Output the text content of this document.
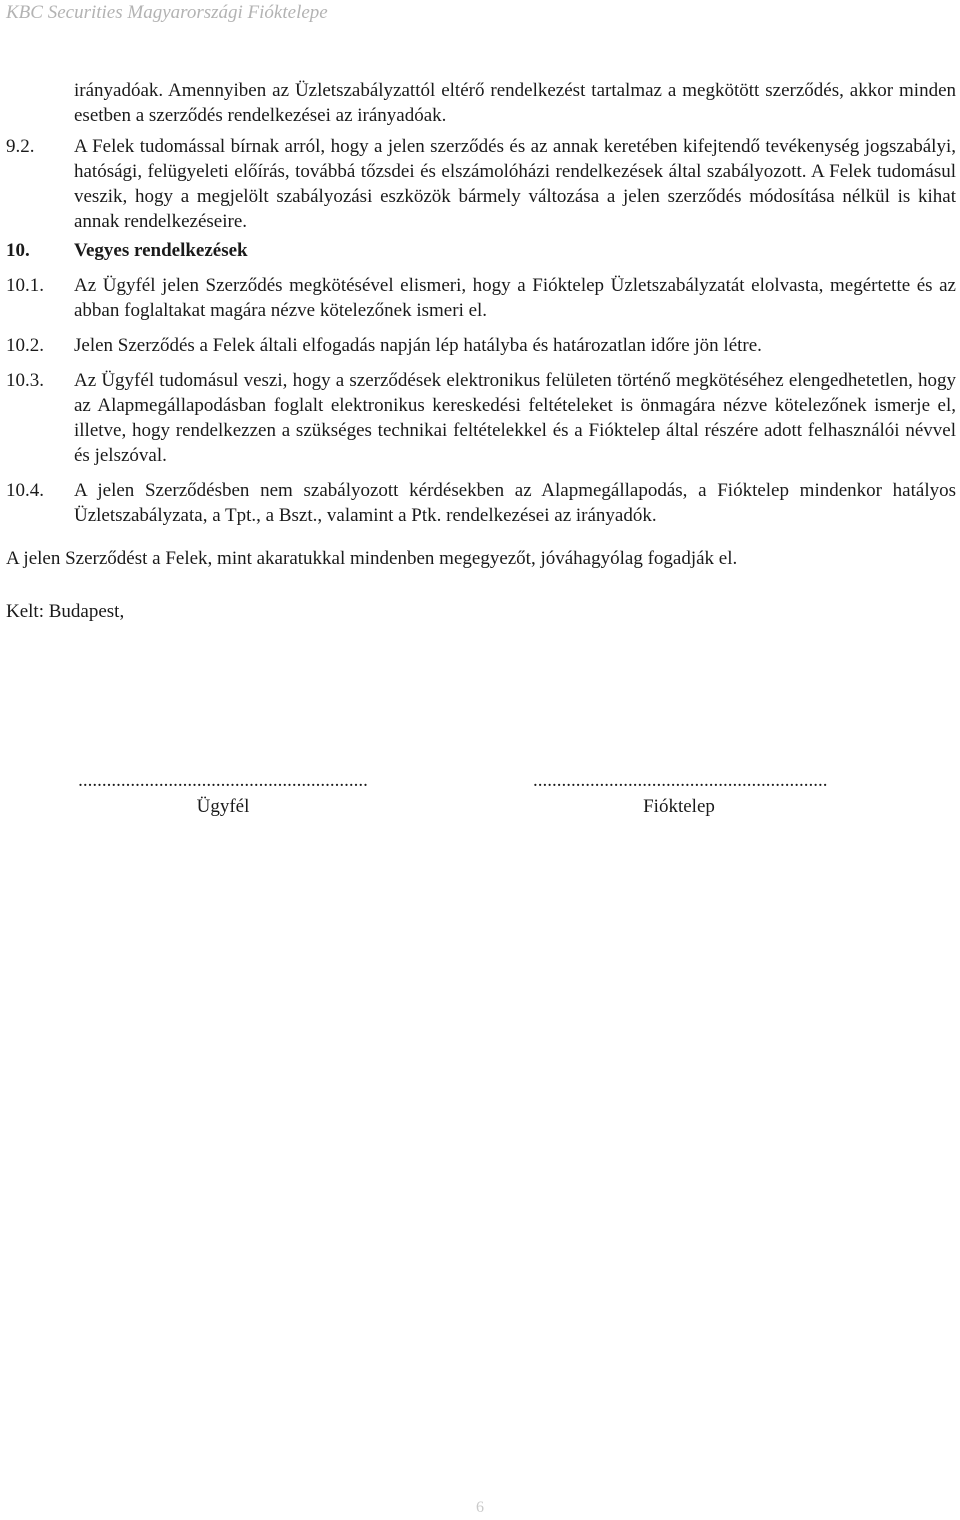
KBC Securities Magyarországi Fióktelepe
irányadóak. Amennyiben az Üzletszabályzattól eltérő rendelkezést tartalmaz a megkötött szerződés, akkor minden esetben a szerződés rendelkezései az irányadóak.
9.2.	A Felek tudomással bírnak arról, hogy a jelen szerződés és az annak keretében kifejtendő tevékenység jogszabályi, hatósági, felügyeleti előírás, továbbá tőzsdei és elszámolóházi rendelkezések által szabályozott. A Felek tudomásul veszik, hogy a megjelölt szabályozási eszközök bármely változása a jelen szerződés módosítása nélkül is kihat annak rendelkezéseire.
10.	Vegyes rendelkezések
10.1.	Az Ügyfél jelen Szerződés megkötésével elismeri, hogy a Fióktelep Üzletszabályzatát elolvasta, megértette és az abban foglaltakat magára nézve kötelezőnek ismeri el.
10.2.	Jelen Szerződés a Felek általi elfogadás napján lép hatályba és határozatlan időre jön létre.
10.3.	Az Ügyfél tudomásul veszi, hogy a szerződések elektronikus felületen történő megkötéséhez elengedhetetlen, hogy az Alapmegállapodásban foglalt elektronikus kereskedési feltételeket is önmagára nézve kötelezőnek ismerje el, illetve, hogy rendelkezzen a szükséges technikai feltételekkel és a Fióktelep által részére adott felhasználói névvel és jelszóval.
10.4.	A jelen Szerződésben nem szabályozott kérdésekben az Alapmegállapodás, a Fióktelep mindenkor hatályos Üzletszabályzata, a Tpt., a Bszt., valamint a Ptk. rendelkezései az irányadók.
A jelen Szerződést a Felek, mint akaratukkal mindenben megegyezőt, jóváhagyólag fogadják el.
Kelt: Budapest,
.............................................................
Ügyfél
..............................................................
Fióktelep
6
